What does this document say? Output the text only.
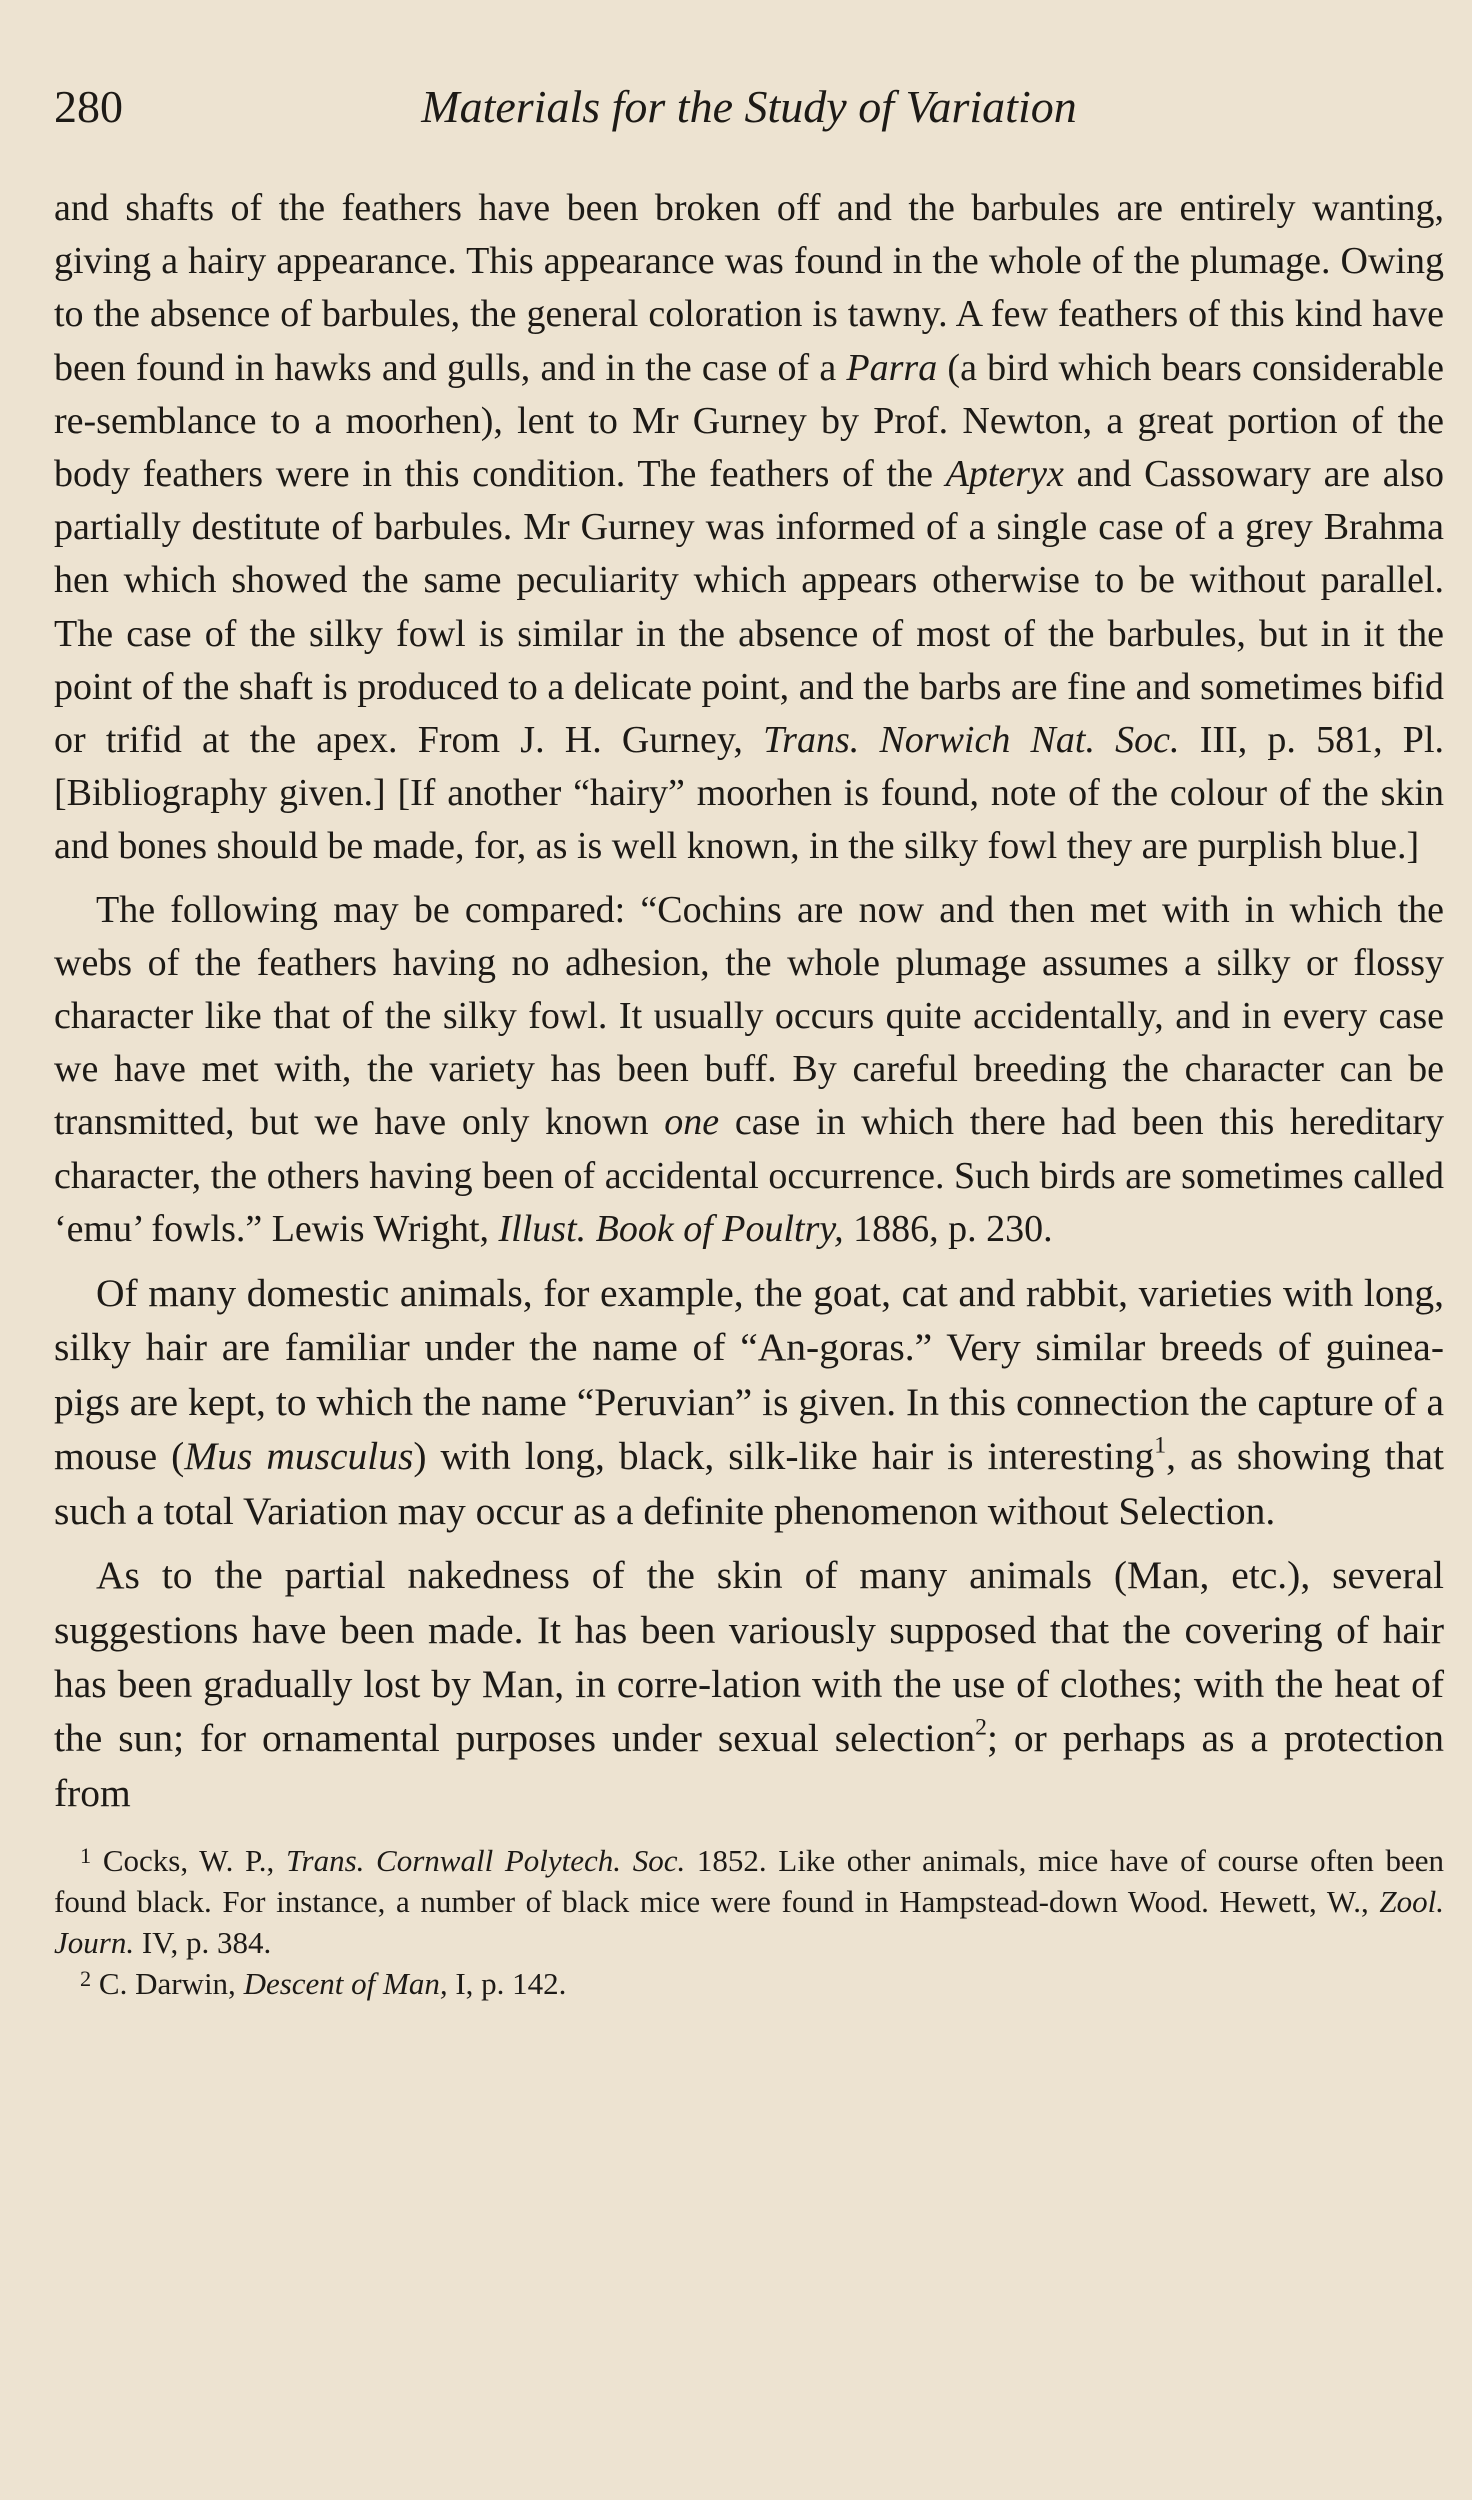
280	Materials for the Study of Variation

and shafts of the feathers have been broken off and the barbules are entirely wanting, giving a hairy appearance. This appearance was found in the whole of the plumage. Owing to the absence of barbules, the general coloration is tawny. A few feathers of this kind have been found in hawks and gulls, and in the case of a Parra (a bird which bears considerable re-semblance to a moorhen), lent to Mr Gurney by Prof. Newton, a great portion of the body feathers were in this condition. The feathers of the Apteryx and Cassowary are also partially destitute of barbules. Mr Gurney was informed of a single case of a grey Brahma hen which showed the same peculiarity which appears otherwise to be without parallel. The case of the silky fowl is similar in the absence of most of the barbules, but in it the point of the shaft is produced to a delicate point, and the barbs are fine and sometimes bifid or trifid at the apex. From J. H. Gurney, Trans. Norwich Nat. Soc. III, p. 581, Pl. [Bibliography given.] [If another “hairy” moorhen is found, note of the colour of the skin and bones should be made, for, as is well known, in the silky fowl they are purplish blue.]

The following may be compared: “Cochins are now and then met with in which the webs of the feathers having no adhesion, the whole plumage assumes a silky or flossy character like that of the silky fowl. It usually occurs quite accidentally, and in every case we have met with, the variety has been buff. By careful breeding the character can be transmitted, but we have only known one case in which there had been this hereditary character, the others having been of accidental occurrence. Such birds are sometimes called ‘emu’ fowls.” Lewis Wright, Illust. Book of Poultry, 1886, p. 230.

Of many domestic animals, for example, the goat, cat and rabbit, varieties with long, silky hair are familiar under the name of “An-goras.” Very similar breeds of guinea-pigs are kept, to which the name “Peruvian” is given. In this connection the capture of a mouse (Mus musculus) with long, black, silk-like hair is interesting$^1$, as showing that such a total Variation may occur as a definite phenomenon without Selection.

As to the partial nakedness of the skin of many animals (Man, etc.), several suggestions have been made. It has been variously supposed that the covering of hair has been gradually lost by Man, in corre-lation with the use of clothes; with the heat of the sun; for ornamental purposes under sexual selection$^2$; or perhaps as a protection from

$^1$ Cocks, W. P., Trans. Cornwall Polytech. Soc. 1852. Like other animals, mice have of course often been found black. For instance, a number of black mice were found in Hampstead-down Wood. Hewett, W., Zool. Journ. IV, p. 384.

$^2$ C. Darwin, Descent of Man, I, p. 142.
